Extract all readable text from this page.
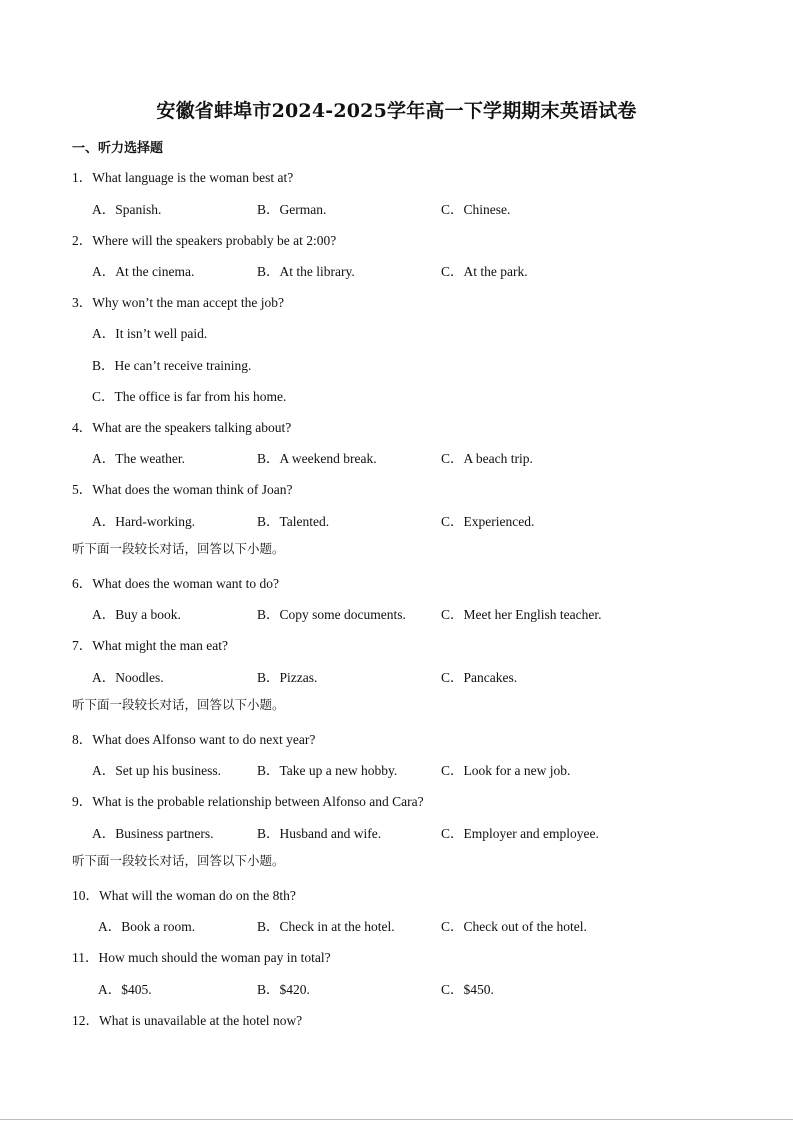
安徽省蚌埠市2024-2025学年高一下学期期末英语试卷
一、听力选择题
1．What language is the woman best at?
A．Spanish.	B．German.	C．Chinese.
2．Where will the speakers probably be at 2:00?
A．At the cinema.	B．At the library.	C．At the park.
3．Why won’t the man accept the job?
A．It isn’t well paid.
B．He can’t receive training.
C．The office is far from his home.
4．What are the speakers talking about?
A．The weather.	B．A weekend break.	C．A beach trip.
5．What does the woman think of Joan?
A．Hard-working.	B．Talented.	C．Experienced.
听下面一段较长对话，回答以下小题。
6．What does the woman want to do?
A．Buy a book.	B．Copy some documents.	C．Meet her English teacher.
7．What might the man eat?
A．Noodles.	B．Pizzas.	C．Pancakes.
听下面一段较长对话，回答以下小题。
8．What does Alfonso want to do next year?
A．Set up his business.	B．Take up a new hobby.	C．Look for a new job.
9．What is the probable relationship between Alfonso and Cara?
A．Business partners.	B．Husband and wife.	C．Employer and employee.
听下面一段较长对话，回答以下小题。
10．What will the woman do on the 8th?
A．Book a room.	B．Check in at the hotel.	C．Check out of the hotel.
11．How much should the woman pay in total?
A．$405.	B．$420.	C．$450.
12．What is unavailable at the hotel now?
